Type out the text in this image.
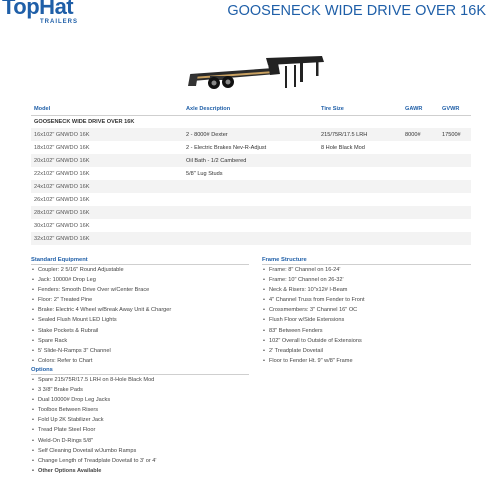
TopHat
TRAILERS
GOOSENECK WIDE DRIVE OVER 16K
Model	Axle Description	Tire Size	GAWR	GVWR
GOOSENECK WIDE DRIVE OVER 16K				
16x102" GNWDO 16K	2 - 8000# Dexter	215/75R/17.5 LRH	8000#	17500#
18x102" GNWDO 16K	2 - Electric Brakes Nev-R-Adjust	8 Hole Black Mod		
20x102" GNWDO 16K	Oil Bath - 1/2 Cambered			
22x102" GNWDO 16K	5/8" Lug Studs			
24x102" GNWDO 16K				
26x102" GNWDO 16K				
28x102" GNWDO 16K				
30x102" GNWDO 16K				
32x102" GNWDO 16K				
Standard Equipment
• Coupler: 2 5/16" Round Adjustable
• Jack: 10000# Drop Leg
• Fenders: Smooth Drive Over w/Center Brace
• Floor: 2" Treated Pine
• Brake: Electric 4 Wheel w/Break Away Unit & Charger
• Sealed Flush Mount LED Lights
• Stake Pockets & Rubrail
• Spare Rack
• 5' Slide-N-Ramps 3" Channel
• Colors: Refer to Chart
Frame Structure
• Frame: 8" Channel on 16-24'
• Frame: 10" Channel on 26-32'
• Neck & Risers: 10"x12# I-Beam
• 4" Channel Truss from Fender to Front
• Crossmembers: 3" Channel 16" OC
• Flush Floor w/Side Extensions
• 83" Between Fenders
• 102" Overall to Outside of Extensions
• 2' Treadplate Dovetail
• Floor to Fender Ht. 9" w/8" Frame
Options
• Spare 215/75R/17.5 LRH on 8-Hole Black Mod
• 3 3/8" Brake Pads
• Dual 10000# Drop Leg Jacks
• Toolbox Between Risers
• Fold Up 2K Stabilizer Jack
• Tread Plate Steel Floor
• Weld-On D-Rings 5/8"
• Self Cleaning Dovetail w/Jumbo Ramps
• Change Length of Treadplate Dovetail to 3' or 4'
• Other Options Available
